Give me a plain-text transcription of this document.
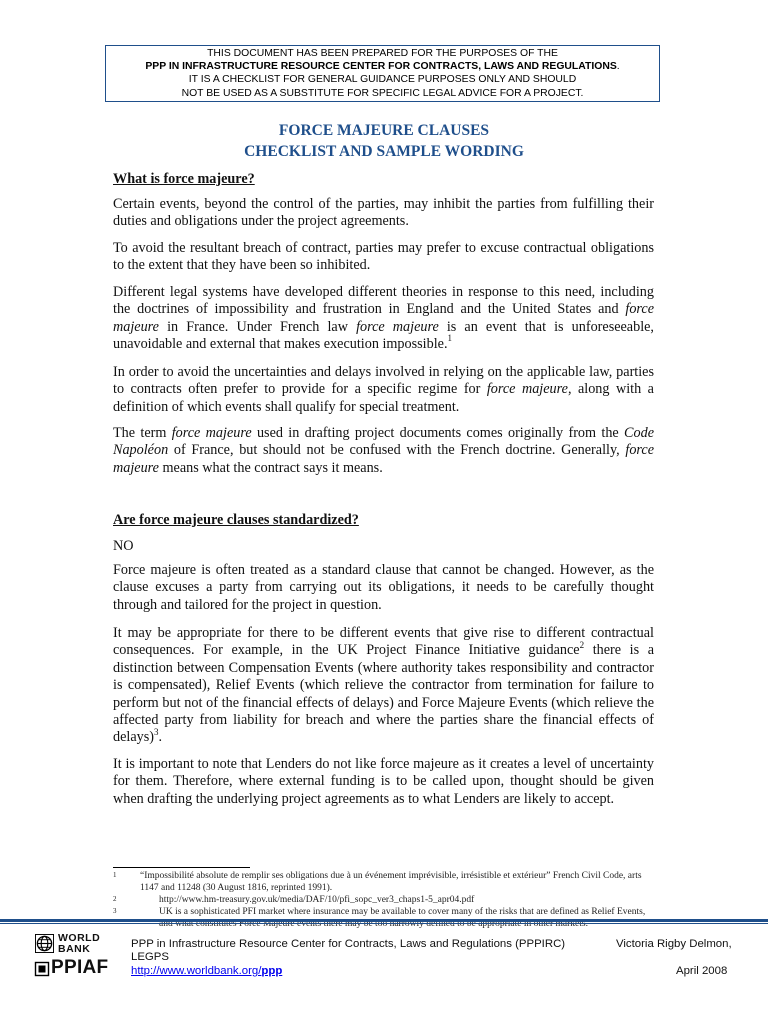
THIS DOCUMENT HAS BEEN PREPARED FOR THE PURPOSES OF THE
PPP IN INFRASTRUCTURE RESOURCE CENTER FOR CONTRACTS, LAWS AND REGULATIONS.
IT IS A CHECKLIST FOR GENERAL GUIDANCE PURPOSES ONLY AND SHOULD
NOT BE USED AS A SUBSTITUTE FOR SPECIFIC LEGAL ADVICE FOR A PROJECT.
FORCE MAJEURE CLAUSES
CHECKLIST AND SAMPLE WORDING
What is force majeure?
Certain events, beyond the control of the parties, may inhibit the parties from fulfilling their duties and obligations under the project agreements.
To avoid the resultant breach of contract, parties may prefer to excuse contractual obligations to the extent that they have been so inhibited.
Different legal systems have developed different theories in response to this need, including the doctrines of impossibility and frustration in England and the United States and force majeure in France. Under French law force majeure is an event that is unforeseeable, unavoidable and external that makes execution impossible.$^1$
In order to avoid the uncertainties and delays involved in relying on the applicable law, parties to contracts often prefer to provide for a specific regime for force majeure, along with a definition of which events shall qualify for special treatment.
The term force majeure used in drafting project documents comes originally from the Code Napoléon of France, but should not be confused with the French doctrine. Generally, force majeure means what the contract says it means.
Are force majeure clauses standardized?
NO
Force majeure is often treated as a standard clause that cannot be changed. However, as the clause excuses a party from carrying out its obligations, it needs to be carefully thought through and tailored for the project in question.
It may be appropriate for there to be different events that give rise to different contractual consequences. For example, in the UK Project Finance Initiative guidance$^2$ there is a distinction between Compensation Events (where authority takes responsibility and contractor is compensated), Relief Events (which relieve the contractor from termination for failure to perform but not of the financial effects of delays) and Force Majeure Events (which relieve the affected party from liability for breach and where the parties share the financial effects of delays)$^3$.
It is important to note that Lenders do not like force majeure as it creates a level of uncertainty for them. Therefore, where external funding is to be called upon, thought should be given when drafting the underlying project agreements as to what Lenders are likely to accept.
1 “Impossibilité absolute de remplir ses obligations due à un événement imprévisible, irrésistible et extérieur” French Civil Code, arts 1147 and 11248 (30 August 1816, reprinted 1991).
2	http://www.hm-treasury.gov.uk/media/DAF/10/pfi_sopc_ver3_chaps1-5_apr04.pdf
3	UK is a sophisticated PFI market where insurance may be available to cover many of the risks that are defined as Relief Events,
WORLD
BANK
PPIAF
PPP in Infrastructure Resource Center for Contracts, Laws and Regulations (PPPIRC)
LEGPS
http://www.worldbank.org/ppp
Victoria Rigby Delmon,
April 2008
